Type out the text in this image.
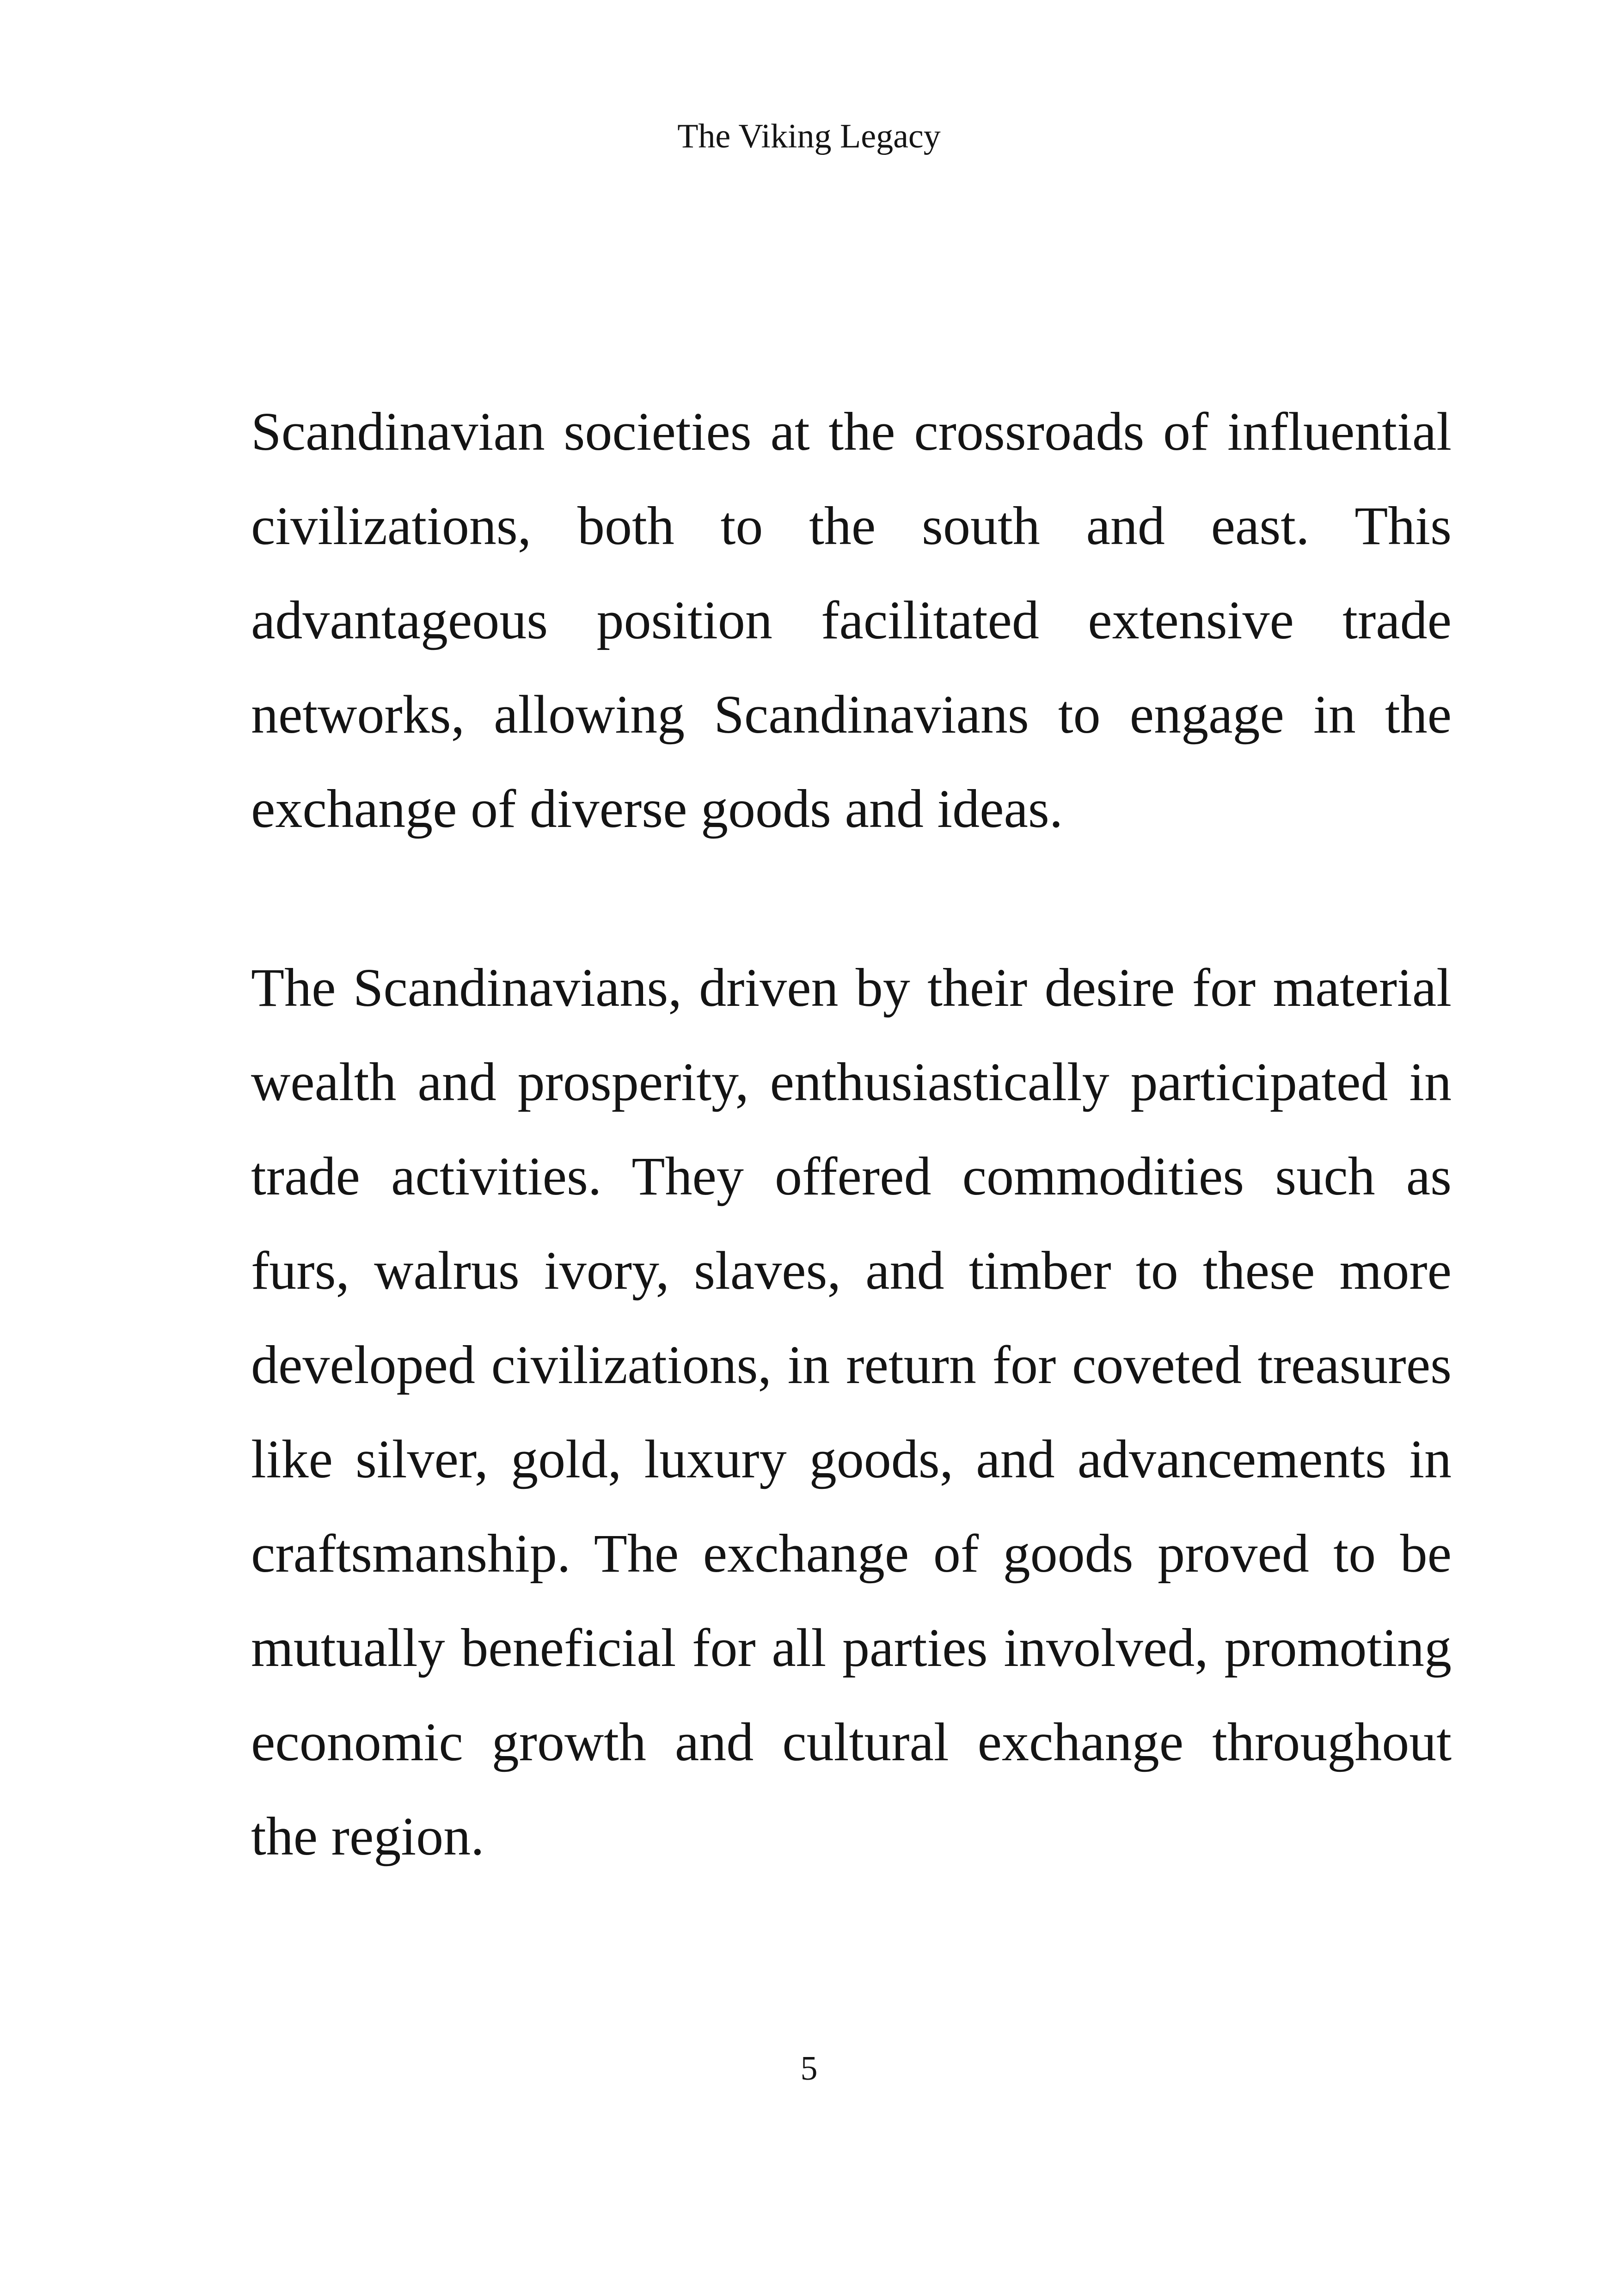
The Viking Legacy

Scandinavian societies at the crossroads of influential civilizations, both to the south and east. This advantageous position facilitated extensive trade networks, allowing Scandinavians to engage in the exchange of diverse goods and ideas.

The Scandinavians, driven by their desire for material wealth and prosperity, enthusiastically participated in trade activities. They offered commodities such as furs, walrus ivory, slaves, and timber to these more developed civilizations, in return for coveted treasures like silver, gold, luxury goods, and advancements in craftsmanship. The exchange of goods proved to be mutually beneficial for all parties involved, promoting economic growth and cultural exchange throughout the region.

5
